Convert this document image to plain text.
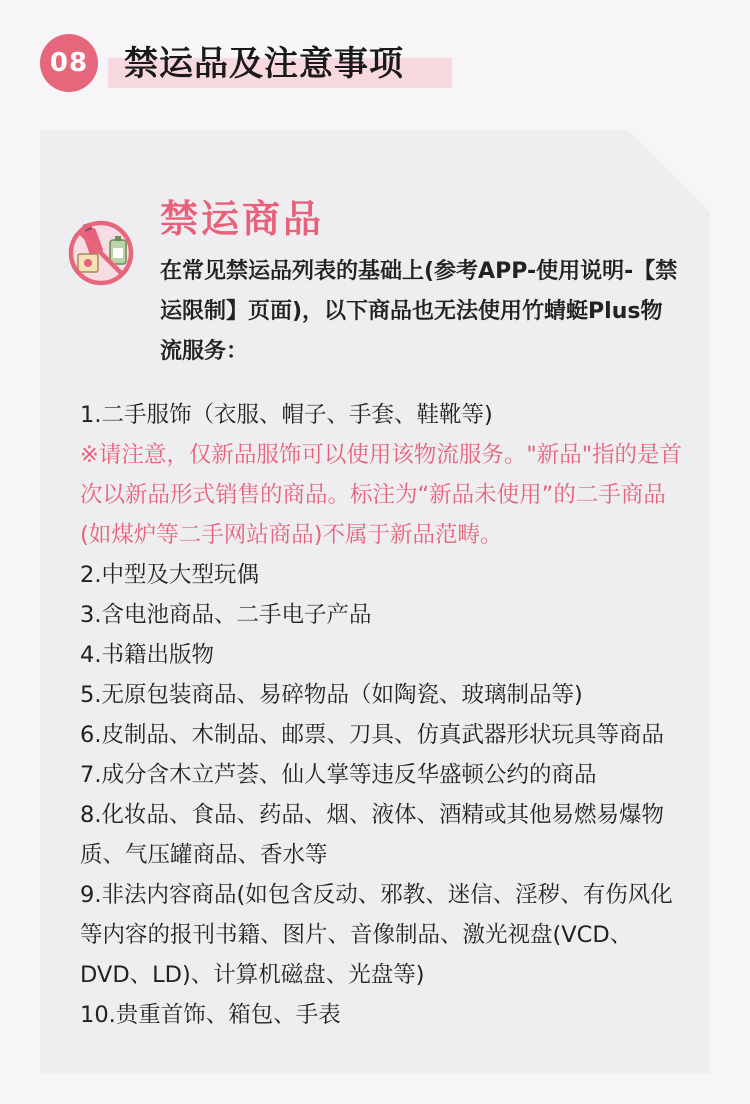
08 禁运品及注意事项
禁运商品

在常见禁运品列表的基础上(参考APP-使用说明-【禁运限制】页面)，以下商品也无法使用竹蜻蜓Plus物流服务：

1.二手服饰（衣服、帽子、手套、鞋靴等)
※请注意，仅新品服饰可以使用该物流服务。"新品"指的是首次以新品形式销售的商品。标注为“新品未使用”的二手商品(如煤炉等二手网站商品)不属于新品范畴。
2.中型及大型玩偶
3.含电池商品、二手电子产品
4.书籍出版物
5.无原包装商品、易碎物品（如陶瓷、玻璃制品等)
6.皮制品、木制品、邮票、刀具、仿真武器形状玩具等商品
7.成分含木立芦荟、仙人掌等违反华盛顿公约的商品
8.化妆品、食品、药品、烟、液体、酒精或其他易燃易爆物质、气压罐商品、香水等
9.非法内容商品(如包含反动、邪教、迷信、淫秽、有伤风化等内容的报刊书籍、图片、音像制品、激光视盘(VCD、DVD、LD)、计算机磁盘、光盘等)
10.贵重首饰、箱包、手表
